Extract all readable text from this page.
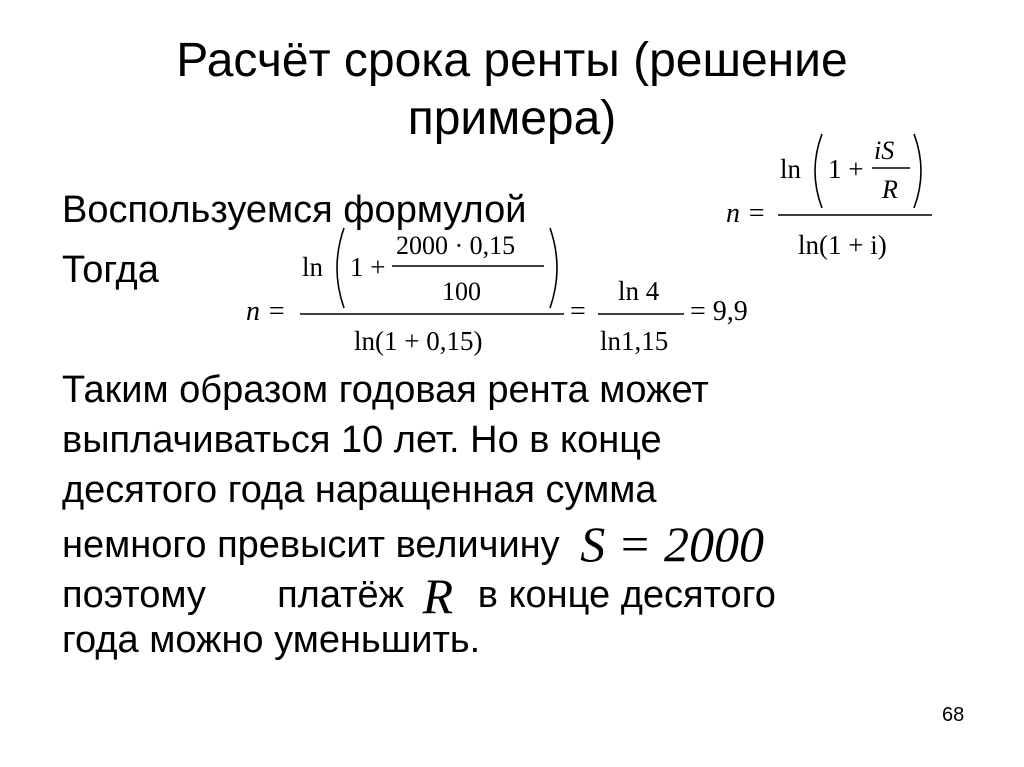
Расчёт срока ренты (решение
примера)
Воспользуемся формулой	n =
ln 1 +
iS
R
ln(1 + i)
Тогда
n =
ln 1 +
2000 · 0,15
100
ln(1 + 0,15)
=
ln 4
ln1,15
= 9,9
Таким образом годовая рента может
выплачиваться 10 лет. Но в конце
десятого года наращенная сумма
немного превысит величину S = 2000
поэтому платёж R в конце десятого
года можно уменьшить.
68
